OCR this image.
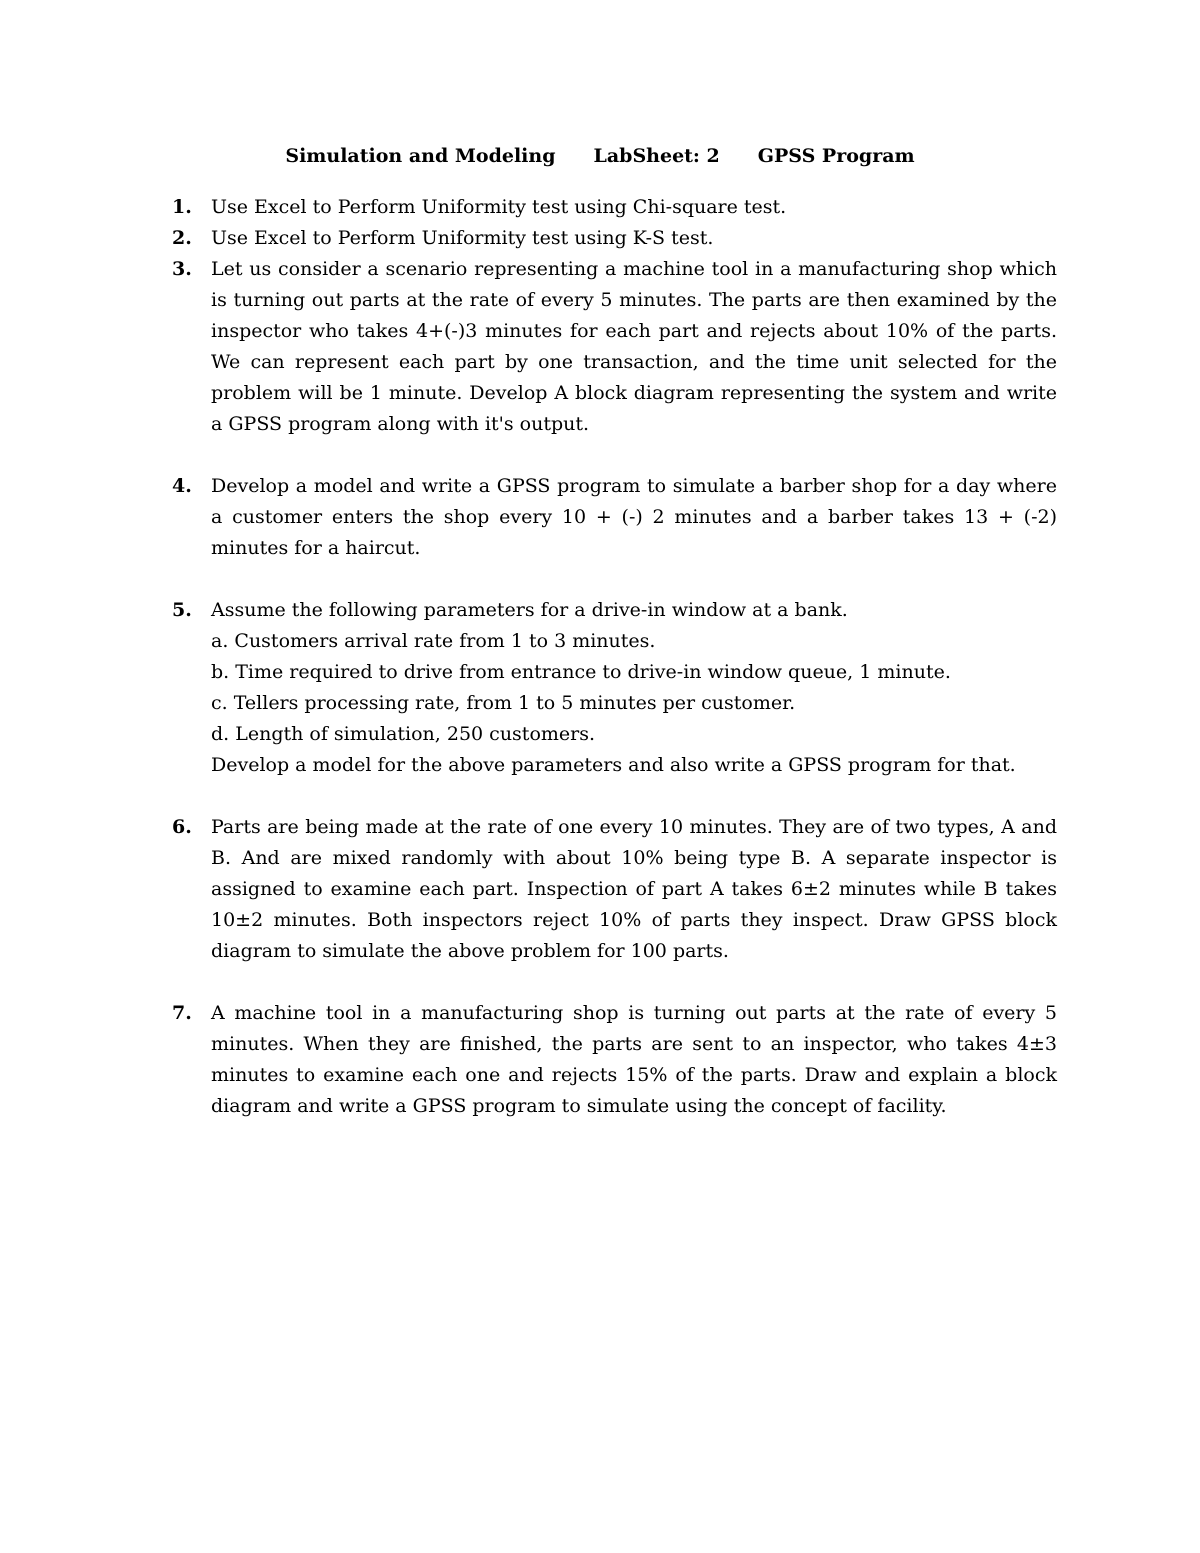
Simulation and Modeling LabSheet: 2 GPSS Program
1. Use Excel to Perform Uniformity test using Chi-square test.
2. Use Excel to Perform Uniformity test using K-S test.
3. Let us consider a scenario representing a machine tool in a manufacturing shop which is turning out parts at the rate of every 5 minutes. The parts are then examined by the inspector who takes 4+(-)3 minutes for each part and rejects about 10% of the parts. We can represent each part by one transaction, and the time unit selected for the problem will be 1 minute. Develop A block diagram representing the system and write a GPSS program along with it's output.
4. Develop a model and write a GPSS program to simulate a barber shop for a day where a customer enters the shop every 10 + (-) 2 minutes and a barber takes 13 + (-2) minutes for a haircut.
5. Assume the following parameters for a drive-in window at a bank.
a. Customers arrival rate from 1 to 3 minutes.
b. Time required to drive from entrance to drive-in window queue, 1 minute.
c. Tellers processing rate, from 1 to 5 minutes per customer.
d. Length of simulation, 250 customers.
Develop a model for the above parameters and also write a GPSS program for that.
6. Parts are being made at the rate of one every 10 minutes. They are of two types, A and B. And are mixed randomly with about 10% being type B. A separate inspector is assigned to examine each part. Inspection of part A takes 6±2 minutes while B takes 10±2 minutes. Both inspectors reject 10% of parts they inspect. Draw GPSS block diagram to simulate the above problem for 100 parts.
7. A machine tool in a manufacturing shop is turning out parts at the rate of every 5 minutes. When they are finished, the parts are sent to an inspector, who takes 4±3 minutes to examine each one and rejects 15% of the parts. Draw and explain a block diagram and write a GPSS program to simulate using the concept of facility.
